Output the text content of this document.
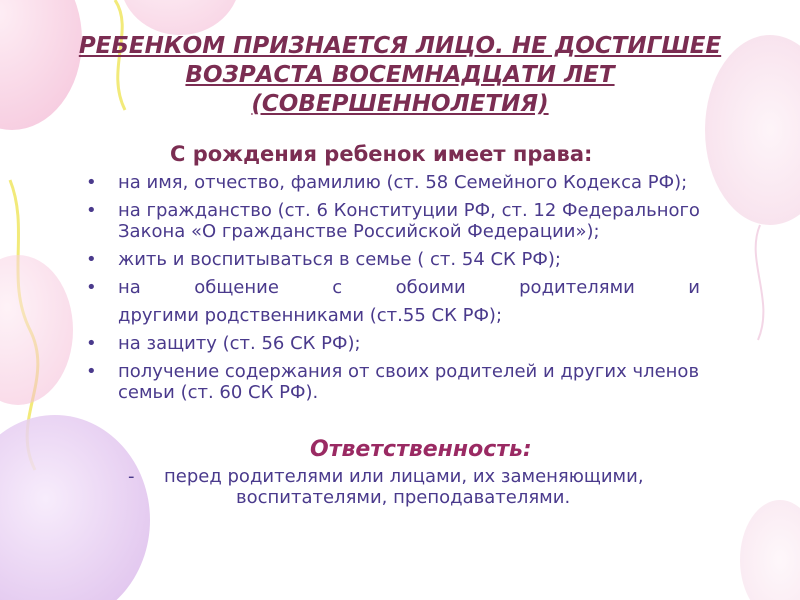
РЕБЕНКОМ ПРИЗНАЕТСЯ ЛИЦО. НЕ ДОСТИГШЕЕ ВОЗРАСТА ВОСЕМНАДЦАТИ ЛЕТ (СОВЕРШЕННОЛЕТИЯ)
С рождения ребенок имеет права:
• на имя, отчество, фамилию (ст. 58 Семейного Кодекса РФ);
• на гражданство (ст. 6 Конституции РФ, ст. 12 Федерального Закона «О гражданстве Российской Федерации»);
• жить и воспитываться в семье ( ст. 54 СК РФ);
• на общение с обоими родителями и
другими родственниками (ст.55 СК РФ);
• на защиту (ст. 56 СК РФ);
• получение содержания от своих родителей и других членов семьи (ст. 60 СК РФ).
Ответственность:
- перед родителями или лицами, их заменяющими,
воспитателями, преподавателями.
